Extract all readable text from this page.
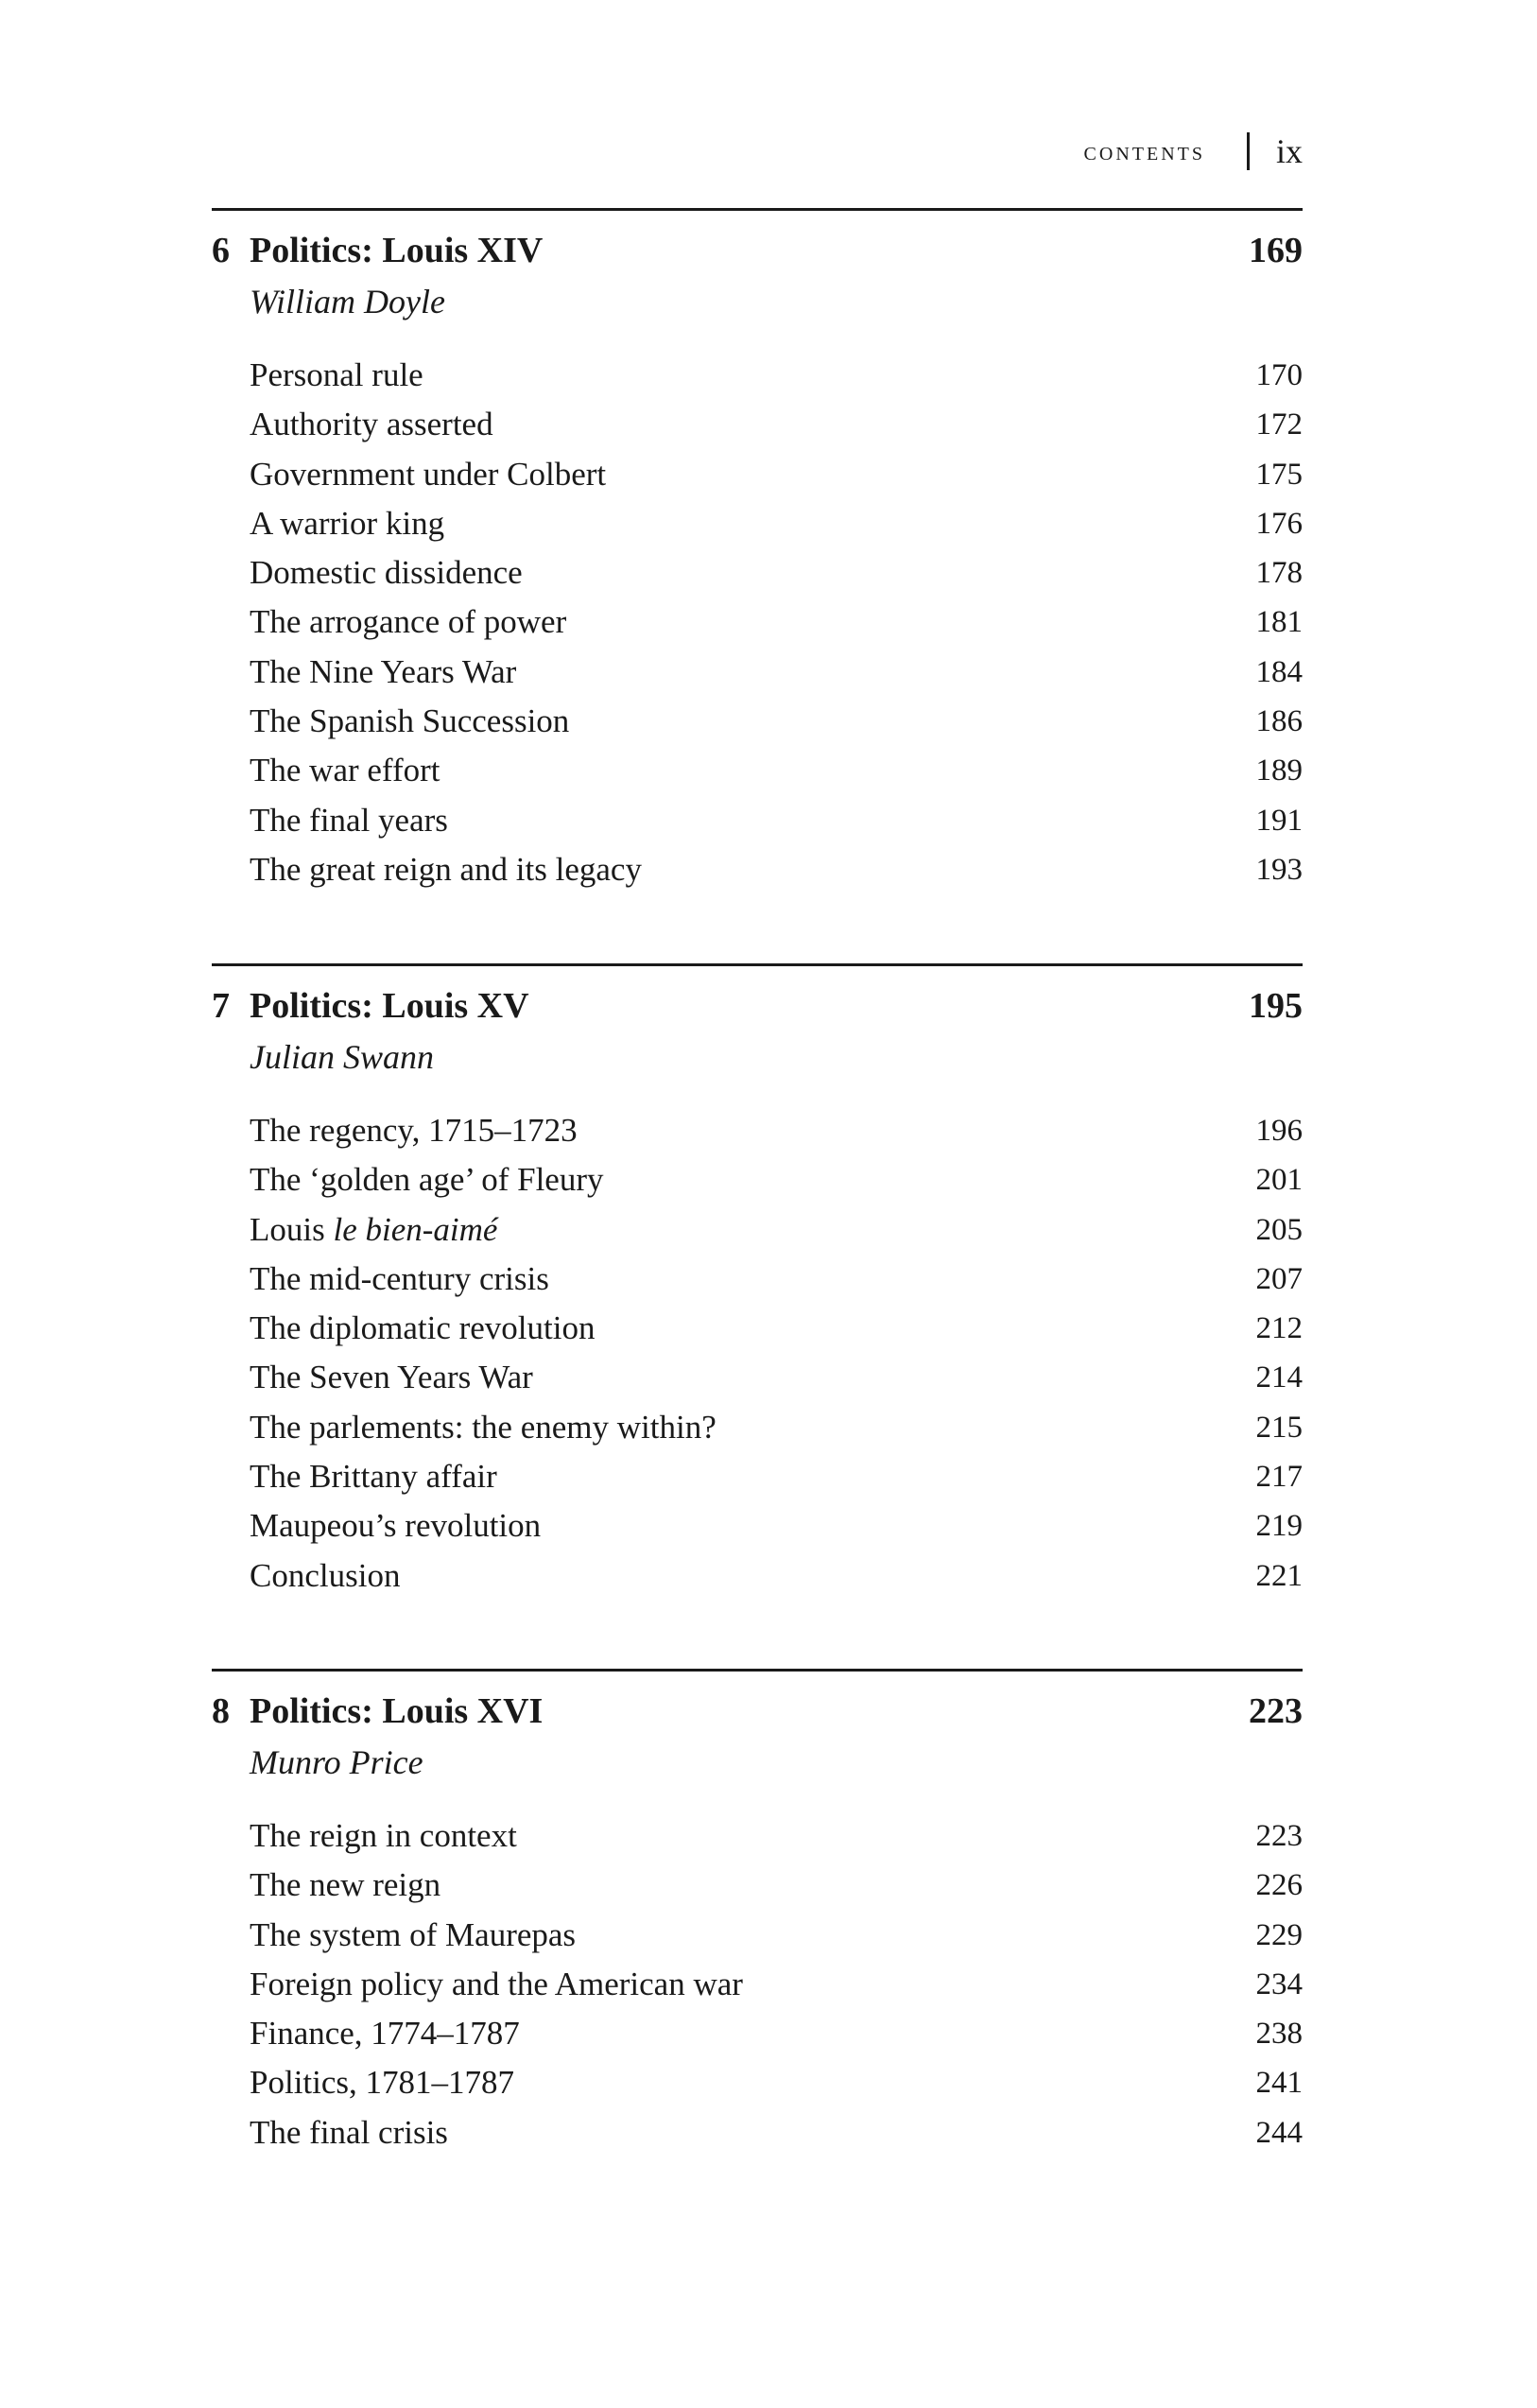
contents ix
6 Politics: Louis XIV	169
William Doyle
Personal rule	170
Authority asserted	172
Government under Colbert	175
A warrior king	176
Domestic dissidence	178
The arrogance of power	181
The Nine Years War	184
The Spanish Succession	186
The war effort	189
The final years	191
The great reign and its legacy	193
7 Politics: Louis XV	195
Julian Swann
The regency, 1715–1723	196
The ‘golden age’ of Fleury	201
Louis le bien-aimé	205
The mid-century crisis	207
The diplomatic revolution	212
The Seven Years War	214
The parlements: the enemy within?	215
The Brittany affair	217
Maupeou’s revolution	219
Conclusion	221
8 Politics: Louis XVI	223
Munro Price
The reign in context	223
The new reign	226
The system of Maurepas	229
Foreign policy and the American war	234
Finance, 1774–1787	238
Politics, 1781–1787	241
The final crisis	244
